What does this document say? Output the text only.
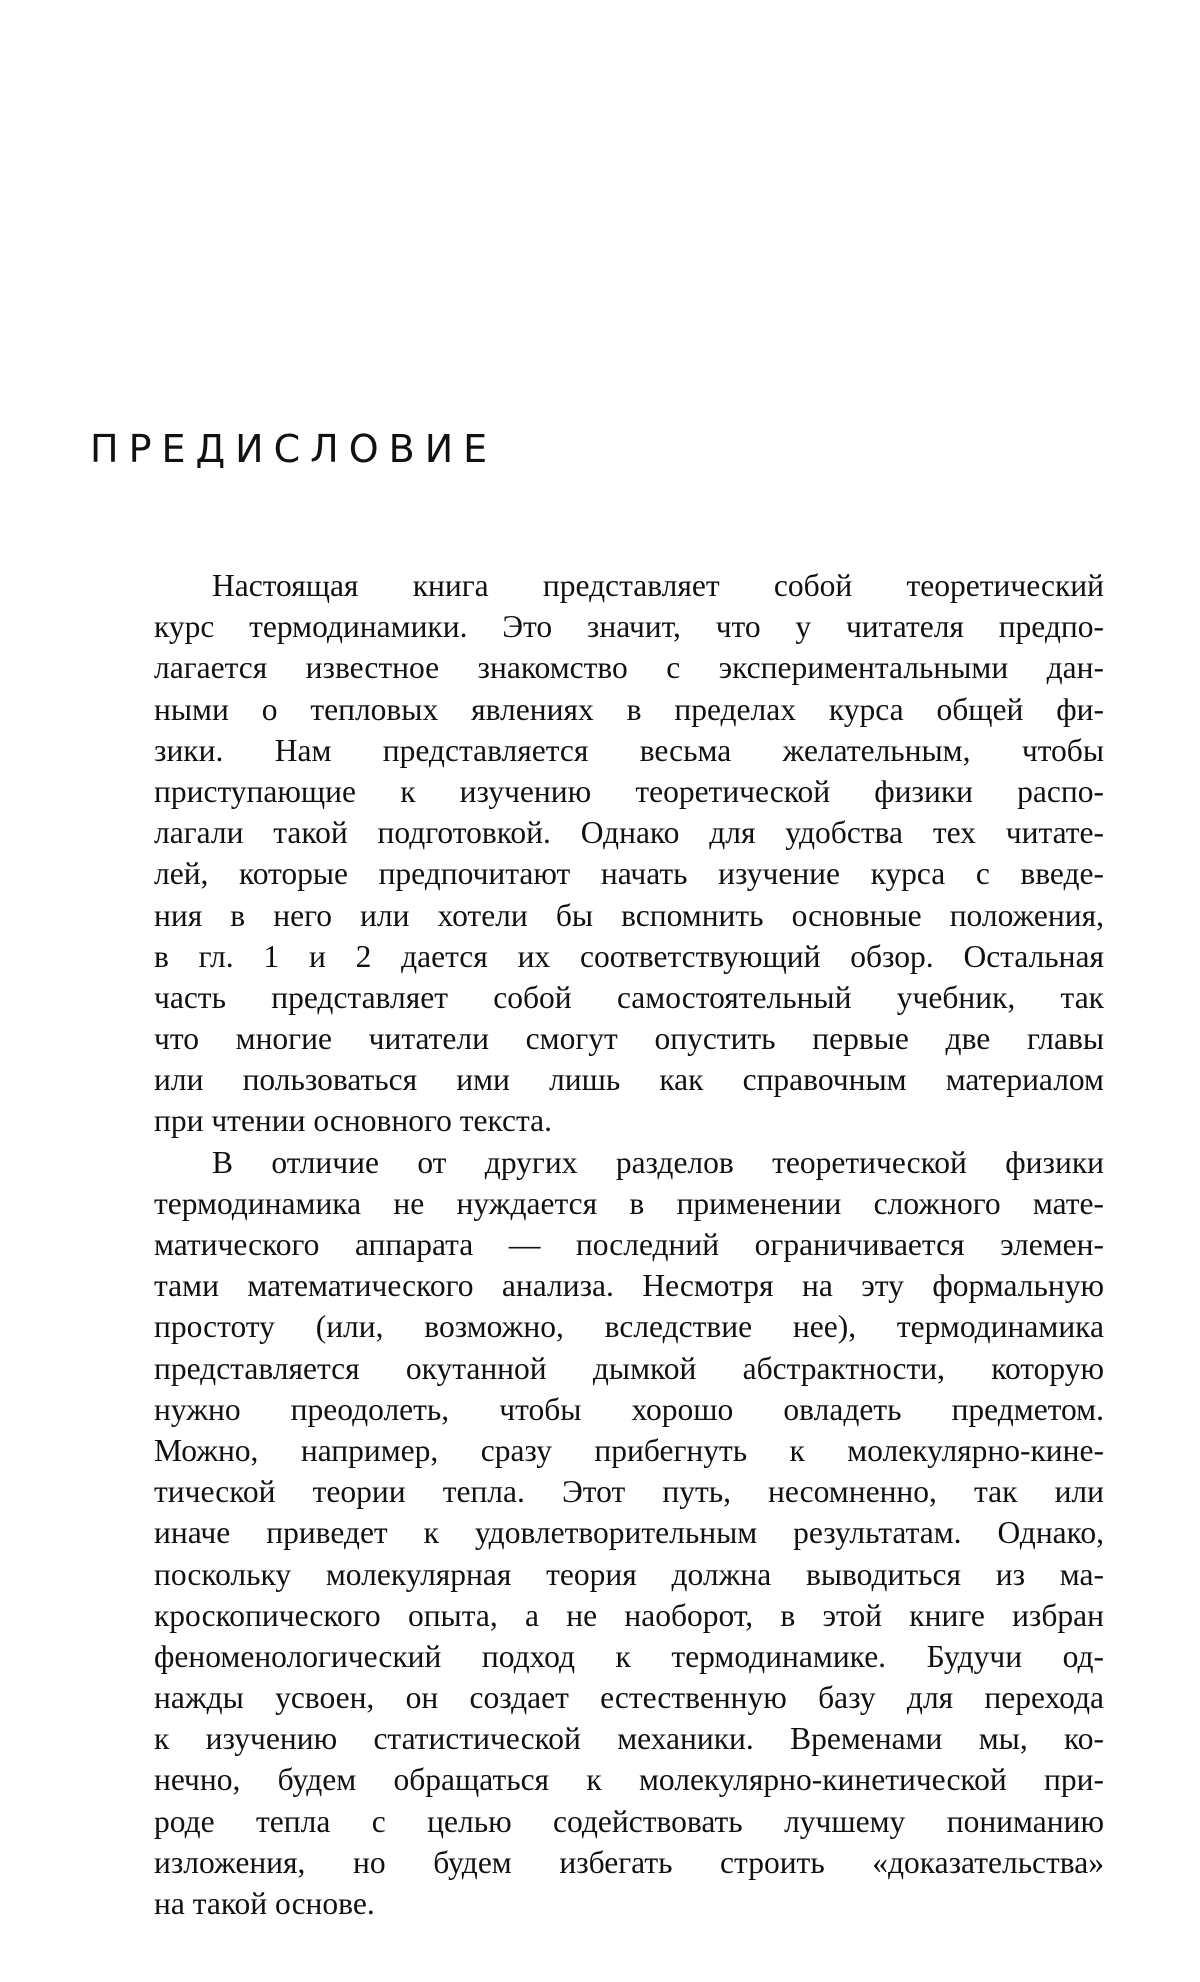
ПРЕДИСЛОВИЕ
Настоящая книга представляет собой теоретический
курс термодинамики. Это значит, что у читателя предпо-
лагается известное знакомство с экспериментальными дан-
ными о тепловых явлениях в пределах курса общей фи-
зики. Нам представляется весьма желательным, чтобы
приступающие к изучению теоретической физики распо-
лагали такой подготовкой. Однако для удобства тех читате-
лей, которые предпочитают начать изучение курса с введе-
ния в него или хотели бы вспомнить основные положения,
в гл. 1 и 2 дается их соответствующий обзор. Остальная
часть представляет собой самостоятельный учебник, так
что многие читатели смогут опустить первые две главы
или пользоваться ими лишь как справочным материалом
при чтении основного текста.
В отличие от других разделов теоретической физики
термодинамика не нуждается в применении сложного мате-
матического аппарата — последний ограничивается элемен-
тами математического анализа. Несмотря на эту формальную
простоту (или, возможно, вследствие нее), термодинамика
представляется окутанной дымкой абстрактности, которую
нужно преодолеть, чтобы хорошо овладеть предметом.
Можно, например, сразу прибегнуть к молекулярно-кине-
тической теории тепла. Этот путь, несомненно, так или
иначе приведет к удовлетворительным результатам. Однако,
поскольку молекулярная теория должна выводиться из ма-
кроскопического опыта, а не наоборот, в этой книге избран
феноменологический подход к термодинамике. Будучи од-
нажды усвоен, он создает естественную базу для перехода
к изучению статистической механики. Временами мы, ко-
нечно, будем обращаться к молекулярно-кинетической при-
роде тепла с целью содействовать лучшему пониманию
изложения, но будем избегать строить «доказательства»
на такой основе.
